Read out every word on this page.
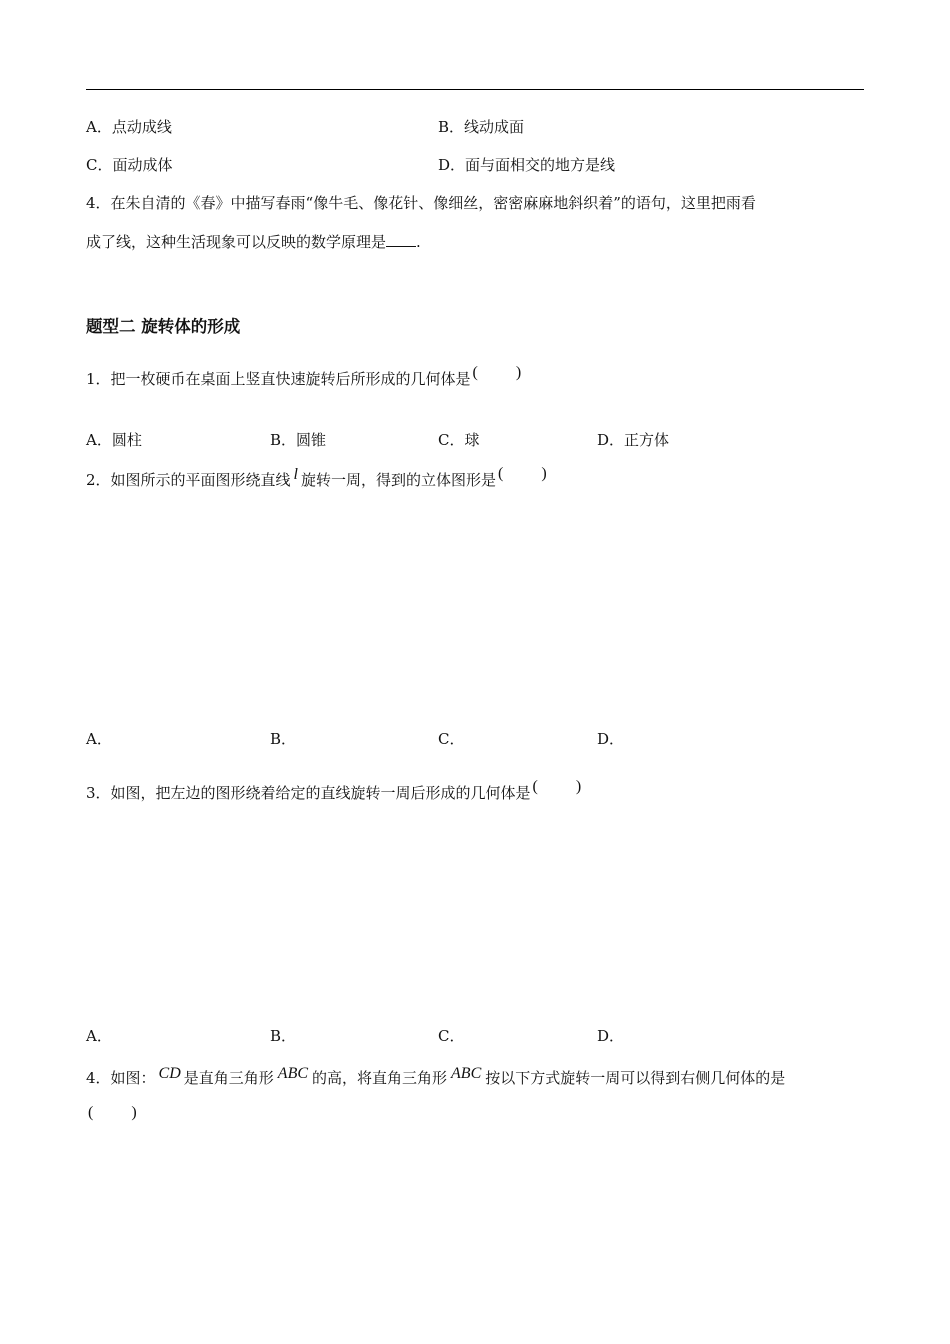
A．点动成线	B．线动成面
C．面动成体	D．面与面相交的地方是线
4．在朱自清的《春》中描写春雨“像牛毛、像花针、像细丝，密密麻麻地斜织着”的语句，这里把雨看
成了线，这种生活现象可以反映的数学原理是 .
题型二 旋转体的形成
1．把一枚硬币在桌面上竖直快速旋转后所形成的几何体是 ( )
A．圆柱	B．圆锥	C．球	D．正方体
2．如图所示的平面图形绕直线 l 旋转一周，得到的立体图形是 ( )
A．	B．	C．	D．
3．如图，把左边的图形绕着给定的直线旋转一周后形成的几何体是 ( )
A．	B．	C．	D．
4．如图： CD 是直角三角形 ABC 的高，将直角三角形 ABC 按以下方式旋转一周可以得到右侧几何体的是
( )
